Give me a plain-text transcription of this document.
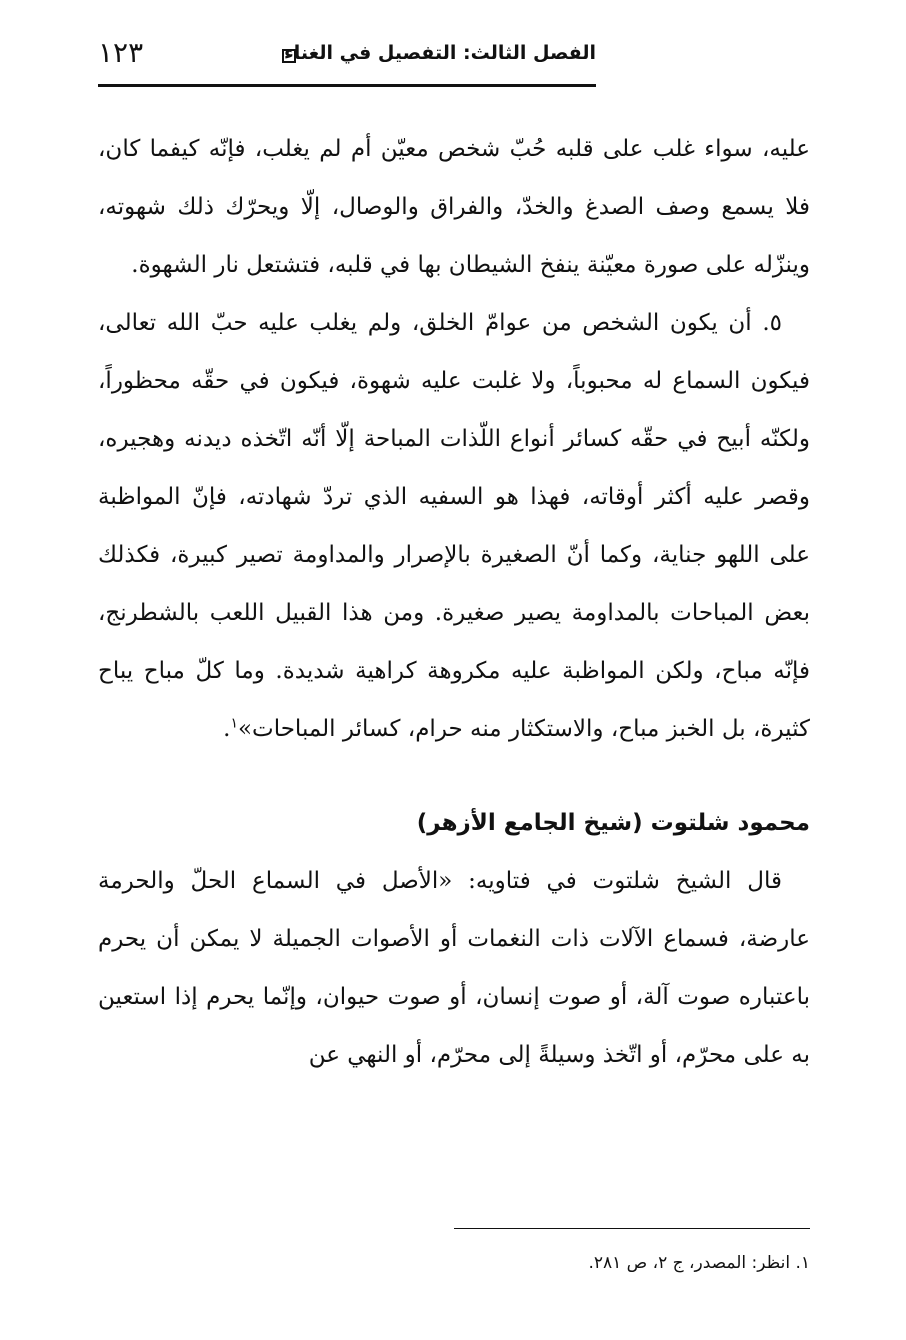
الفصل الثالث: التفصيل في الغناء
١٢٣

عليه، سواء غلب على قلبه حُبّ شخص معيّن أم لم يغلب، فإنّه كيفما كان، فلا يسمع وصف الصدغ والخدّ، والفراق والوصال، إلّا ويحرّك ذلك شهوته، وينزّله على صورة معيّنة ينفخ الشيطان بها في قلبه، فتشتعل نار الشهوة.

٥. أن يكون الشخص من عوامّ الخلق، ولم يغلب عليه حبّ الله تعالى، فيكون السماع له محبوباً، ولا غلبت عليه شهوة، فيكون في حقّه محظوراً، ولكنّه أبيح في حقّه كسائر أنواع اللّذات المباحة إلّا أنّه اتّخذه ديدنه وهجيره، وقصر عليه أكثر أوقاته، فهذا هو السفيه الذي تردّ شهادته، فإنّ المواظبة على اللهو جناية، وكما أنّ الصغيرة بالإصرار والمداومة تصير كبيرة، فكذلك بعض المباحات بالمداومة يصير صغيرة. ومن هذا القبيل اللعب بالشطرنج، فإنّه مباح، ولكن المواظبة عليه مكروهة كراهية شديدة. وما كلّ مباح يباح كثيرة، بل الخبز مباح، والاستكثار منه حرام، كسائر المباحات»$^١$.

محمود شلتوت (شيخ الجامع الأزهر)

قال الشيخ شلتوت في فتاويه: «الأصل في السماع الحلّ والحرمة عارضة، فسماع الآلات ذات النغمات أو الأصوات الجميلة لا يمكن أن يحرم باعتباره صوت آلة، أو صوت إنسان، أو صوت حيوان، وإنّما يحرم إذا استعين به على محرّم، أو اتّخذ وسيلةً إلى محرّم، أو النهي عن

١. انظر: المصدر، ج ٢، ص ٢٨١.
